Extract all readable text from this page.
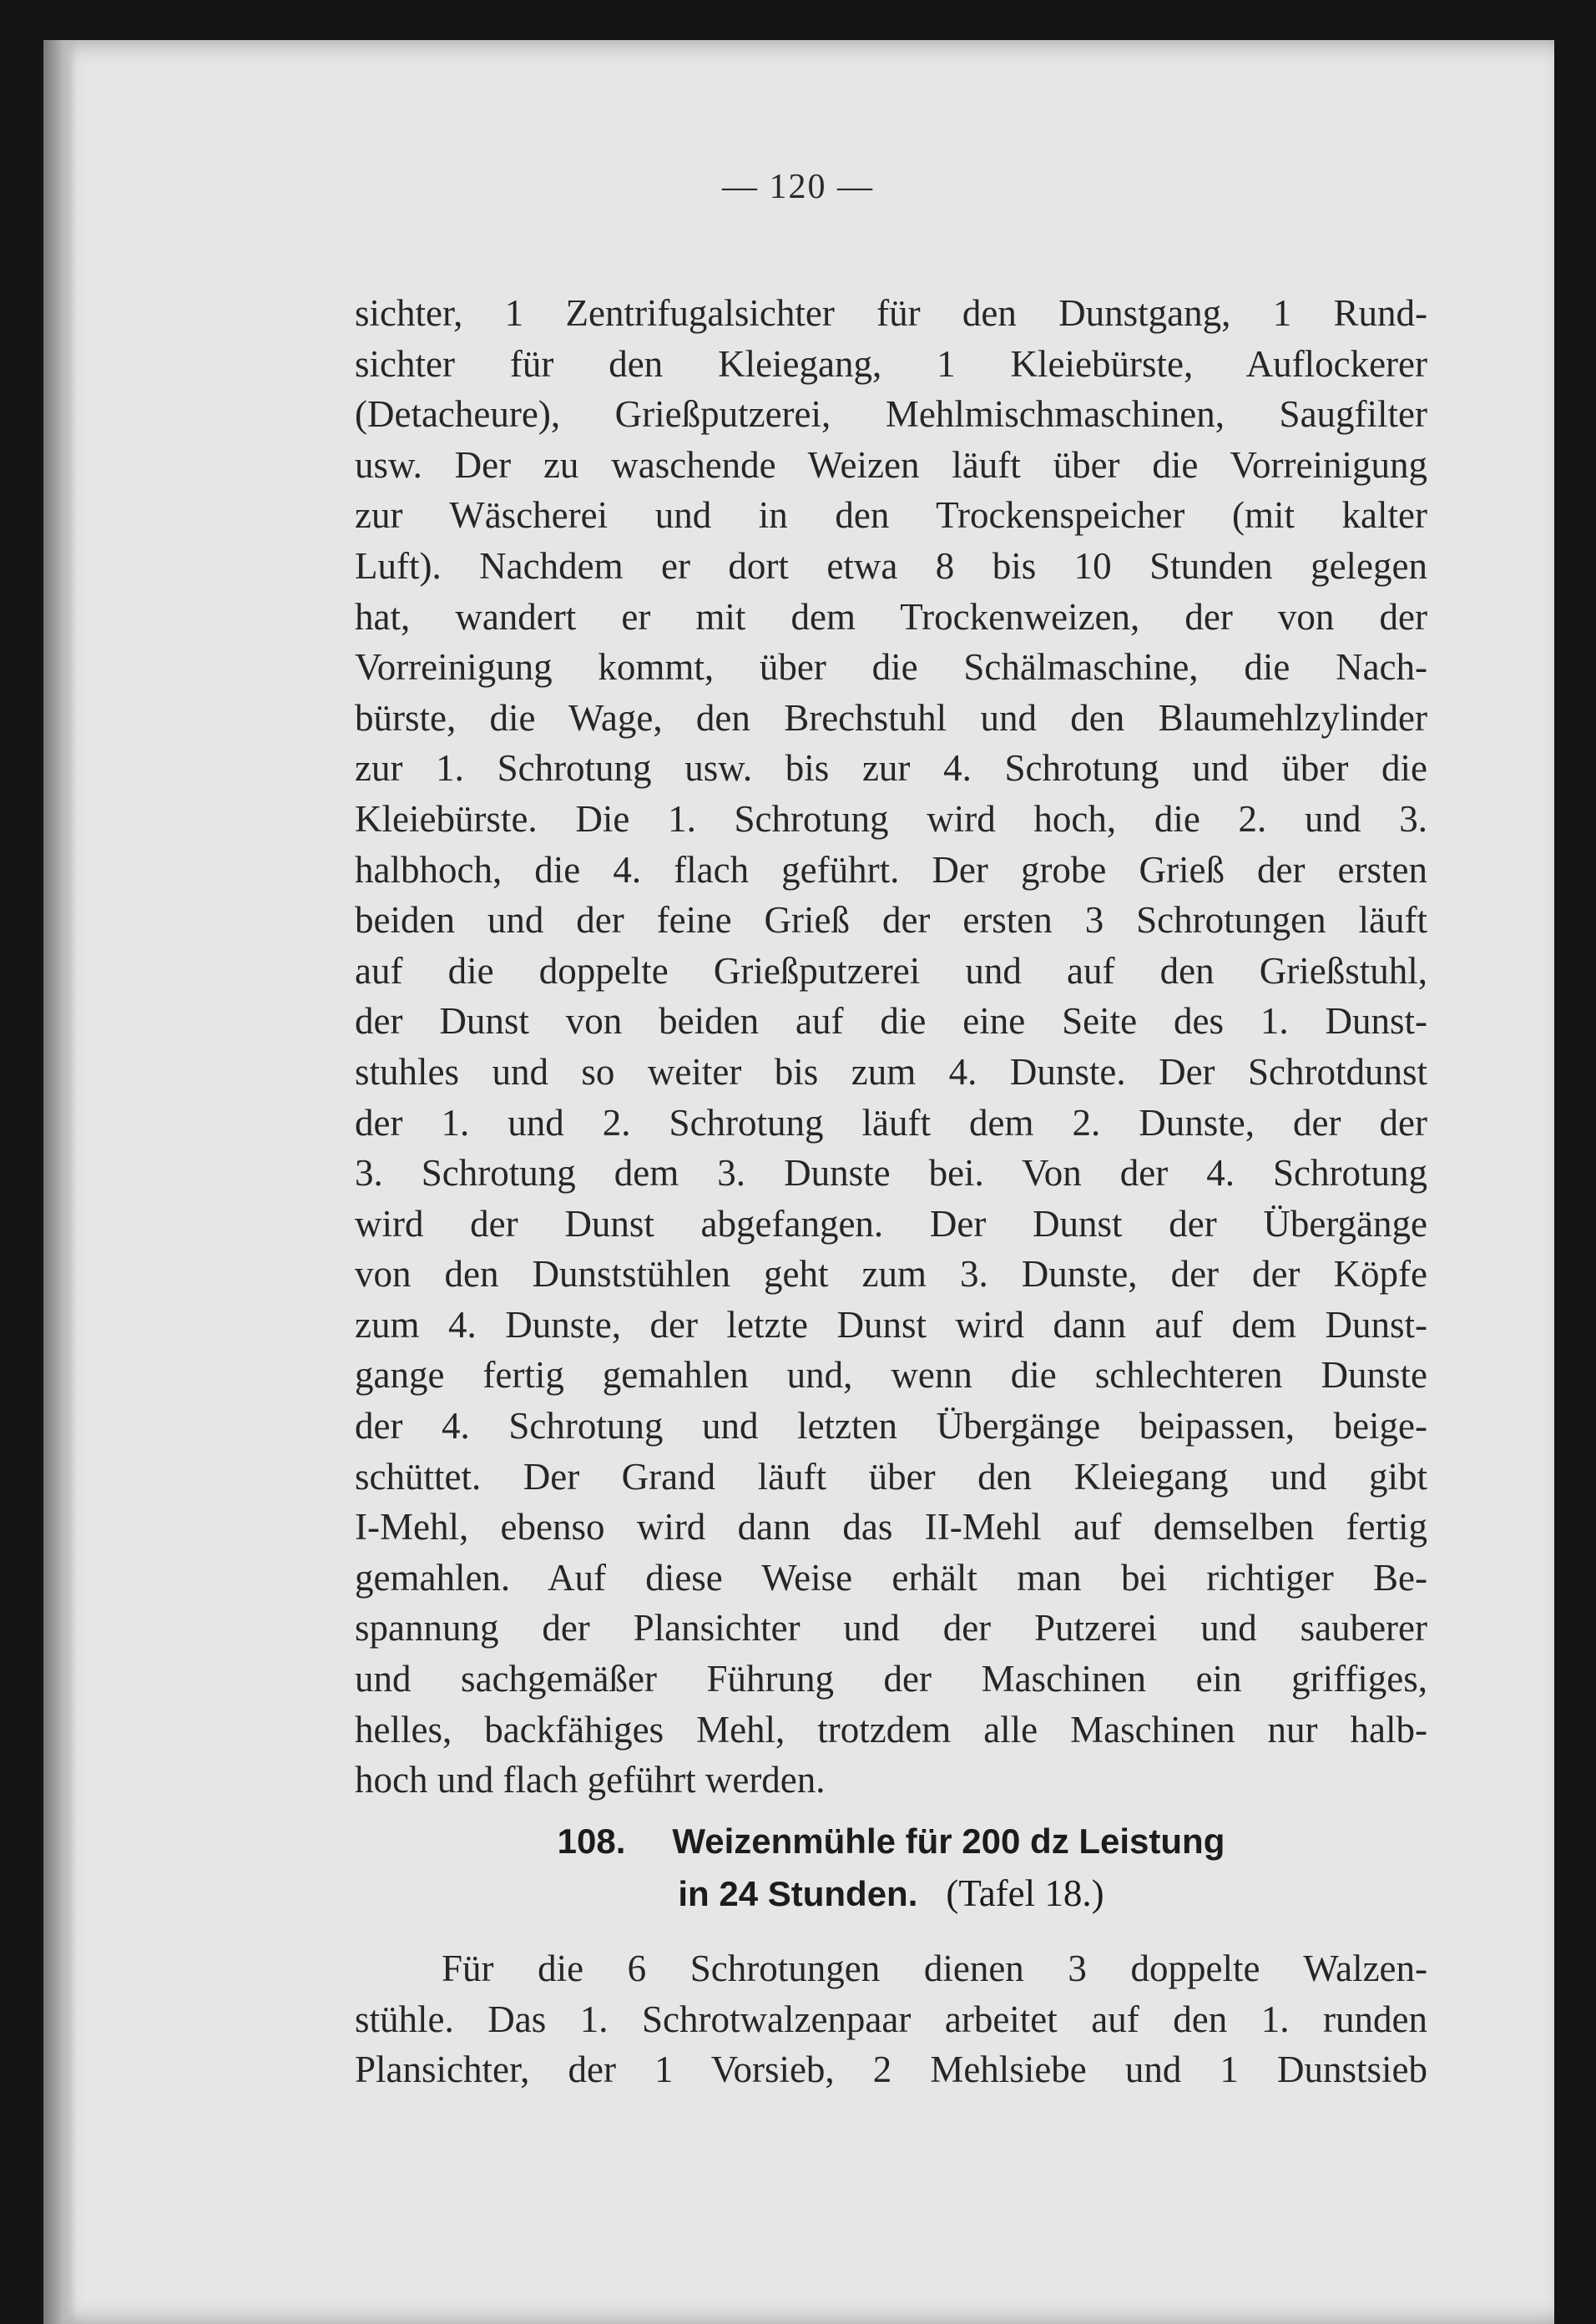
— 120 —
sichter, 1 Zentrifugalsichter für den Dunstgang, 1 Rund-
sichter für den Kleiegang, 1 Kleiebürste, Auflockerer
(Detacheure), Grießputzerei, Mehlmischmaschinen, Saugfilter
usw. Der zu waschende Weizen läuft über die Vorreinigung
zur Wäscherei und in den Trockenspeicher (mit kalter
Luft). Nachdem er dort etwa 8 bis 10 Stunden gelegen
hat, wandert er mit dem Trockenweizen, der von der
Vorreinigung kommt, über die Schälmaschine, die Nach-
bürste, die Wage, den Brechstuhl und den Blaumehlzylinder
zur 1. Schrotung usw. bis zur 4. Schrotung und über die
Kleiebürste. Die 1. Schrotung wird hoch, die 2. und 3.
halbhoch, die 4. flach geführt. Der grobe Grieß der ersten
beiden und der feine Grieß der ersten 3 Schrotungen läuft
auf die doppelte Grießputzerei und auf den Grießstuhl,
der Dunst von beiden auf die eine Seite des 1. Dunst-
stuhles und so weiter bis zum 4. Dunste. Der Schrotdunst
der 1. und 2. Schrotung läuft dem 2. Dunste, der der
3. Schrotung dem 3. Dunste bei. Von der 4. Schrotung
wird der Dunst abgefangen. Der Dunst der Übergänge
von den Dunststühlen geht zum 3. Dunste, der der Köpfe
zum 4. Dunste, der letzte Dunst wird dann auf dem Dunst-
gange fertig gemahlen und, wenn die schlechteren Dunste
der 4. Schrotung und letzten Übergänge beipassen, beige-
schüttet. Der Grand läuft über den Kleiegang und gibt
I-Mehl, ebenso wird dann das II-Mehl auf demselben fertig
gemahlen. Auf diese Weise erhält man bei richtiger Be-
spannung der Plansichter und der Putzerei und sauberer
und sachgemäßer Führung der Maschinen ein griffiges,
helles, backfähiges Mehl, trotzdem alle Maschinen nur halb-
hoch und flach geführt werden.
108. Weizenmühle für 200 dz Leistung
in 24 Stunden. (Tafel 18.)
Für die 6 Schrotungen dienen 3 doppelte Walzen-
stühle. Das 1. Schrotwalzenpaar arbeitet auf den 1. runden
Plansichter, der 1 Vorsieb, 2 Mehlsiebe und 1 Dunstsieb
